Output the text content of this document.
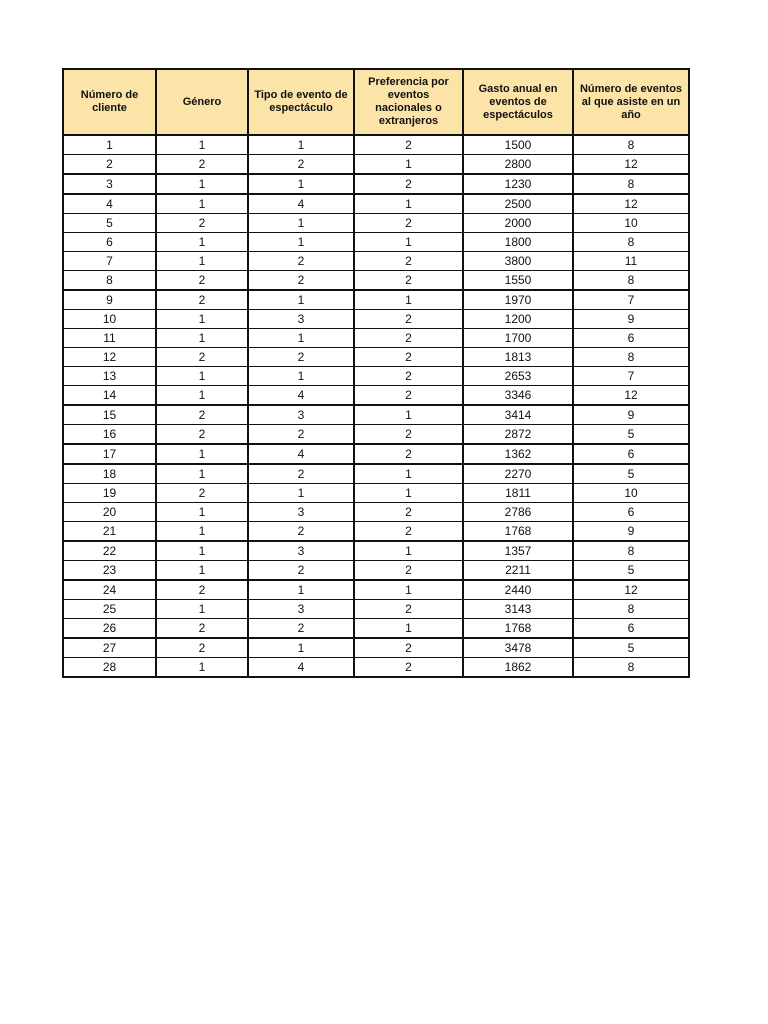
Número de cliente	Género	Tipo de evento de espectáculo	Preferencia por eventos nacionales o extranjeros	Gasto anual en eventos de espectáculos	Número de eventos al que asiste en un año
1	1	1	2	1500	8
2	2	2	1	2800	12
3	1	1	2	1230	8
4	1	4	1	2500	12
5	2	1	2	2000	10
6	1	1	1	1800	8
7	1	2	2	3800	11
8	2	2	2	1550	8
9	2	1	1	1970	7
10	1	3	2	1200	9
11	1	1	2	1700	6
12	2	2	2	1813	8
13	1	1	2	2653	7
14	1	4	2	3346	12
15	2	3	1	3414	9
16	2	2	2	2872	5
17	1	4	2	1362	6
18	1	2	1	2270	5
19	2	1	1	1811	10
20	1	3	2	2786	6
21	1	2	2	1768	9
22	1	3	1	1357	8
23	1	2	2	2211	5
24	2	1	1	2440	12
25	1	3	2	3143	8
26	2	2	1	1768	6
27	2	1	2	3478	5
28	1	4	2	1862	8
